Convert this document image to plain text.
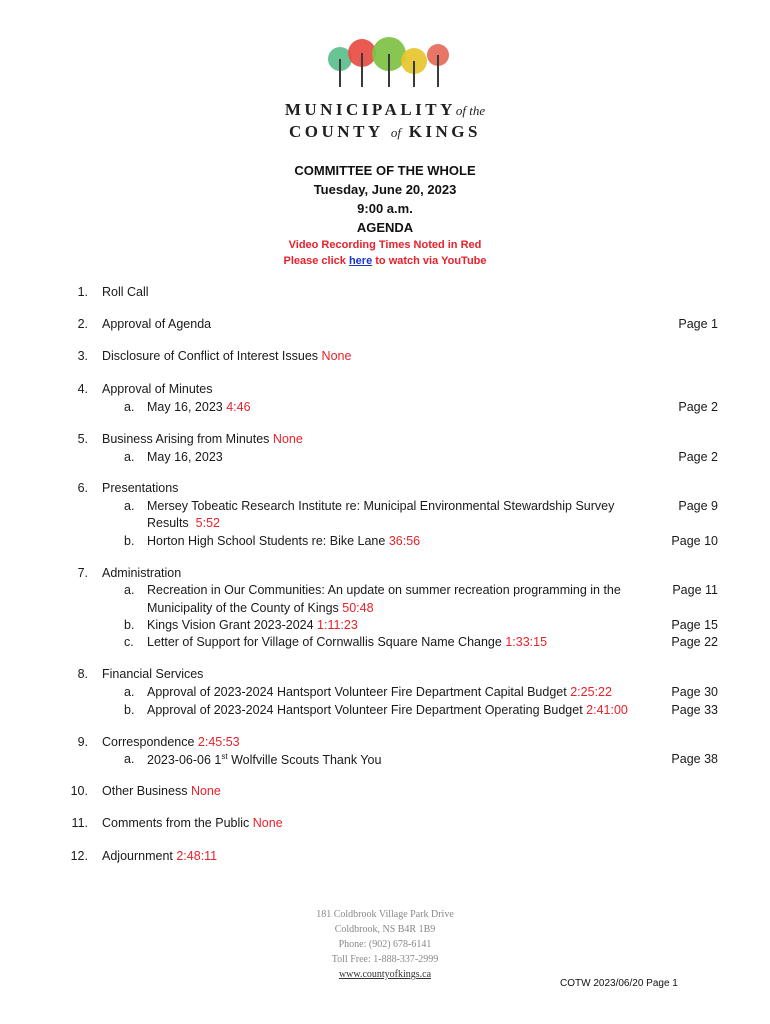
MUNICIPALITYof the
COUNTY of KINGS
COMMITTEE OF THE WHOLE
Tuesday, June 20, 2023
9:00 a.m.
AGENDA
Video Recording Times Noted in Red
Please click here to watch via YouTube
1. Roll Call
2. Approval of Agenda	Page 1
3. Disclosure of Conflict of Interest Issues None
4. Approval of Minutes
a. May 16, 2023 4:46	Page 2
5. Business Arising from Minutes None
a. May 16, 2023	Page 2
6. Presentations
a. Mersey Tobeatic Research Institute re: Municipal Environmental Stewardship Survey
Results 5:52
Page 9
b. Horton High School Students re: Bike Lane 36:56	Page 10
7. Administration
a. Recreation in Our Communities: An update on summer recreation programming in the
Municipality of the County of Kings 50:48
Page 11
b. Kings Vision Grant 2023-2024 1:11:23	Page 15
c. Letter of Support for Village of Cornwallis Square Name Change 1:33:15	Page 22
8. Financial Services
a. Approval of 2023-2024 Hantsport Volunteer Fire Department Capital Budget 2:25:22	Page 30
b. Approval of 2023-2024 Hantsport Volunteer Fire Department Operating Budget 2:41:00	Page 33
9. Correspondence 2:45:53
a. 2023-06-06 1st Wolfville Scouts Thank You	Page 38
10. Other Business None
11. Comments from the Public None
12. Adjournment 2:48:11
181 Coldbrook Village Park Drive
Coldbrook, NS B4R 1B9
Phone: (902) 678-6141
Toll Free: 1-888-337-2999
www.countyofkings.ca
COTW 2023/06/20 Page 1
